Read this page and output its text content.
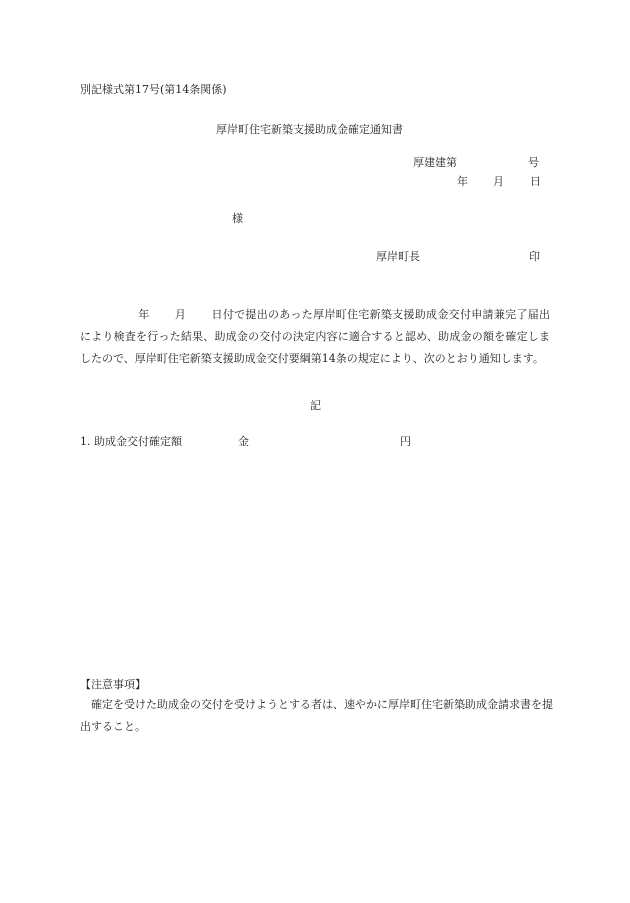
別記様式第17号(第14条関係)
厚岸町住宅新築支援助成金確定通知書
厚建建第	号
年 月 日
様
厚岸町長	印
年 月 日付で提出のあった厚岸町住宅新築支援助成金交付申請兼完了届出により検査を行った結果、助成金の交付の決定内容に適合すると認め、助成金の額を確定しましたので、厚岸町住宅新築支援助成金交付要綱第14条の規定により、次のとおり通知します。
記
1. 助成金交付確定額	金	円
【注意事項】
確定を受けた助成金の交付を受けようとする者は、速やかに厚岸町住宅新築助成金請求書を提出すること。
